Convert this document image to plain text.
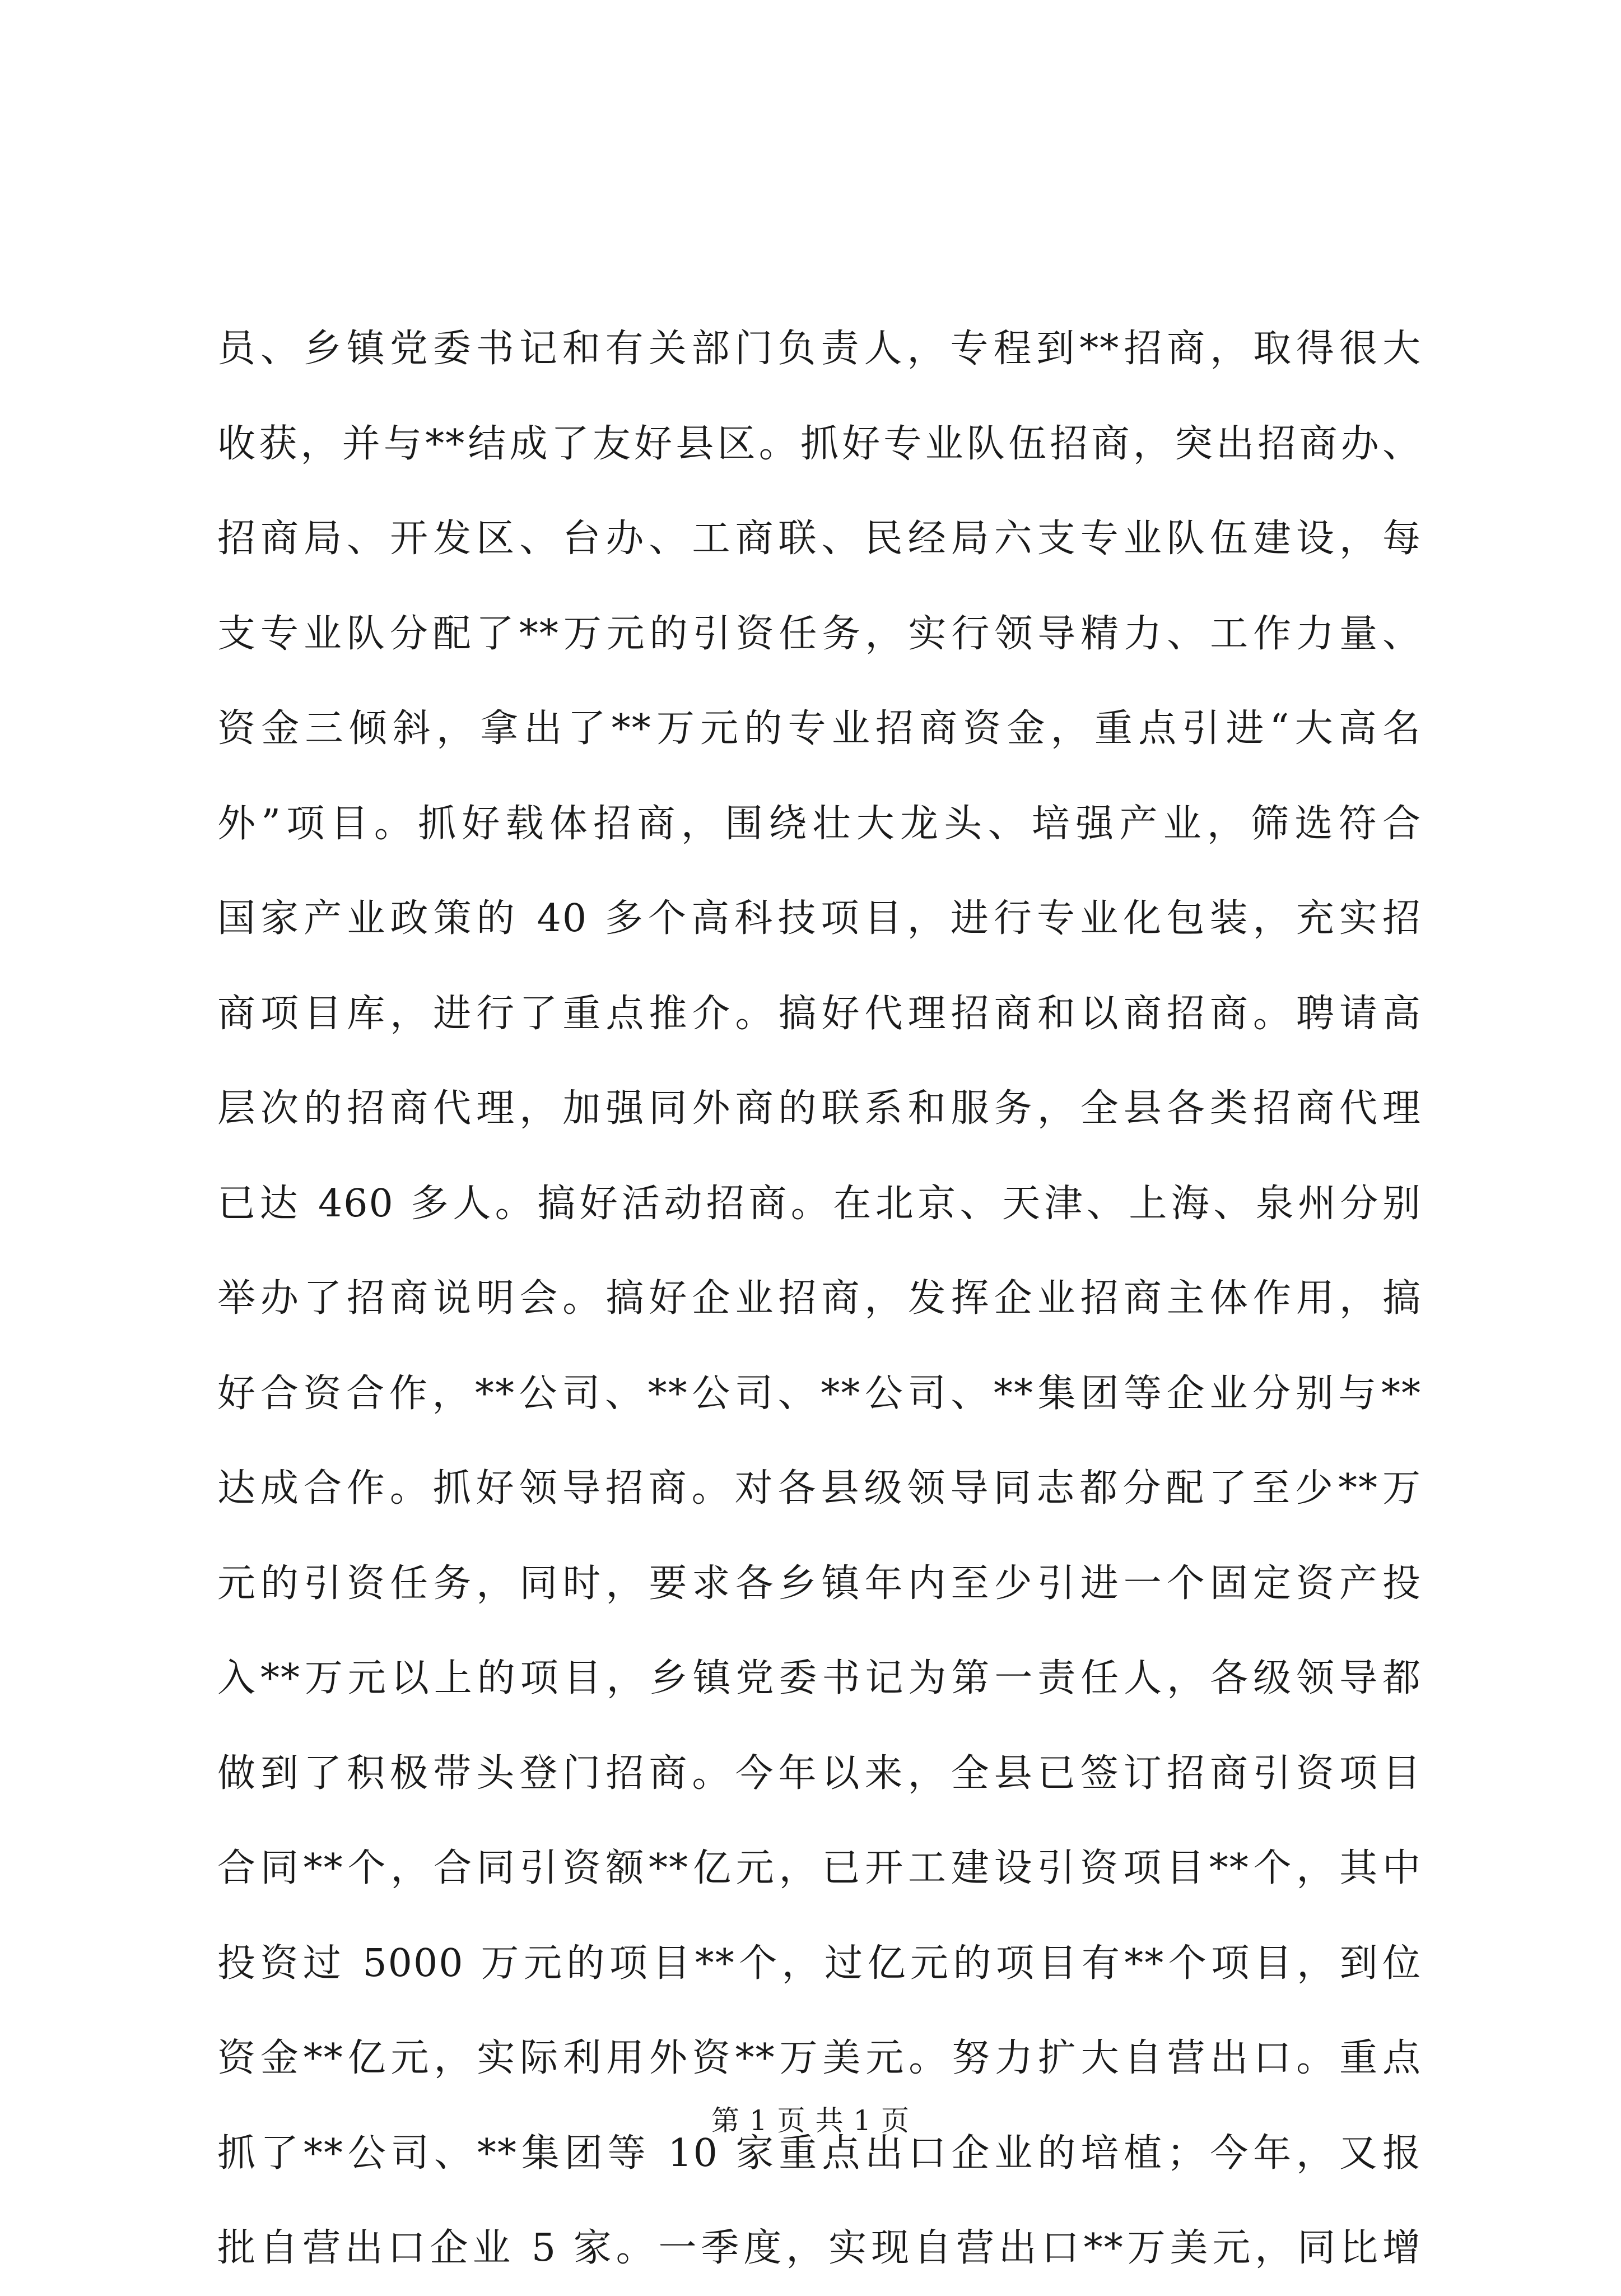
员、乡镇党委书记和有关部门负责人，专程到**招商，取得很大
收获，并与**结成了友好县区。抓好专业队伍招商，突出招商办、
招商局、开发区、台办、工商联、民经局六支专业队伍建设，每
支专业队分配了**万元的引资任务，实行领导精力、工作力量、
资金三倾斜，拿出了**万元的专业招商资金，重点引进“大高名
外”项目。抓好载体招商，围绕壮大龙头、培强产业，筛选符合
国家产业政策的 40 多个高科技项目，进行专业化包装，充实招
商项目库，进行了重点推介。搞好代理招商和以商招商。聘请高
层次的招商代理，加强同外商的联系和服务，全县各类招商代理
已达 460 多人。搞好活动招商。在北京、天津、上海、泉州分别
举办了招商说明会。搞好企业招商，发挥企业招商主体作用，搞
好合资合作，**公司、**公司、**公司、**集团等企业分别与**
达成合作。抓好领导招商。对各县级领导同志都分配了至少**万
元的引资任务，同时，要求各乡镇年内至少引进一个固定资产投
入**万元以上的项目，乡镇党委书记为第一责任人，各级领导都
做到了积极带头登门招商。今年以来，全县已签订招商引资项目
合同**个，合同引资额**亿元，已开工建设引资项目**个，其中
投资过 5000 万元的项目**个，过亿元的项目有**个项目，到位
资金**亿元，实际利用外资**万美元。努力扩大自营出口。重点
抓了**公司、**集团等 10 家重点出口企业的培植；今年，又报
批自营出口企业 5 家。一季度，实现自营出口**万美元，同比增
第 1 页 共 1 页
